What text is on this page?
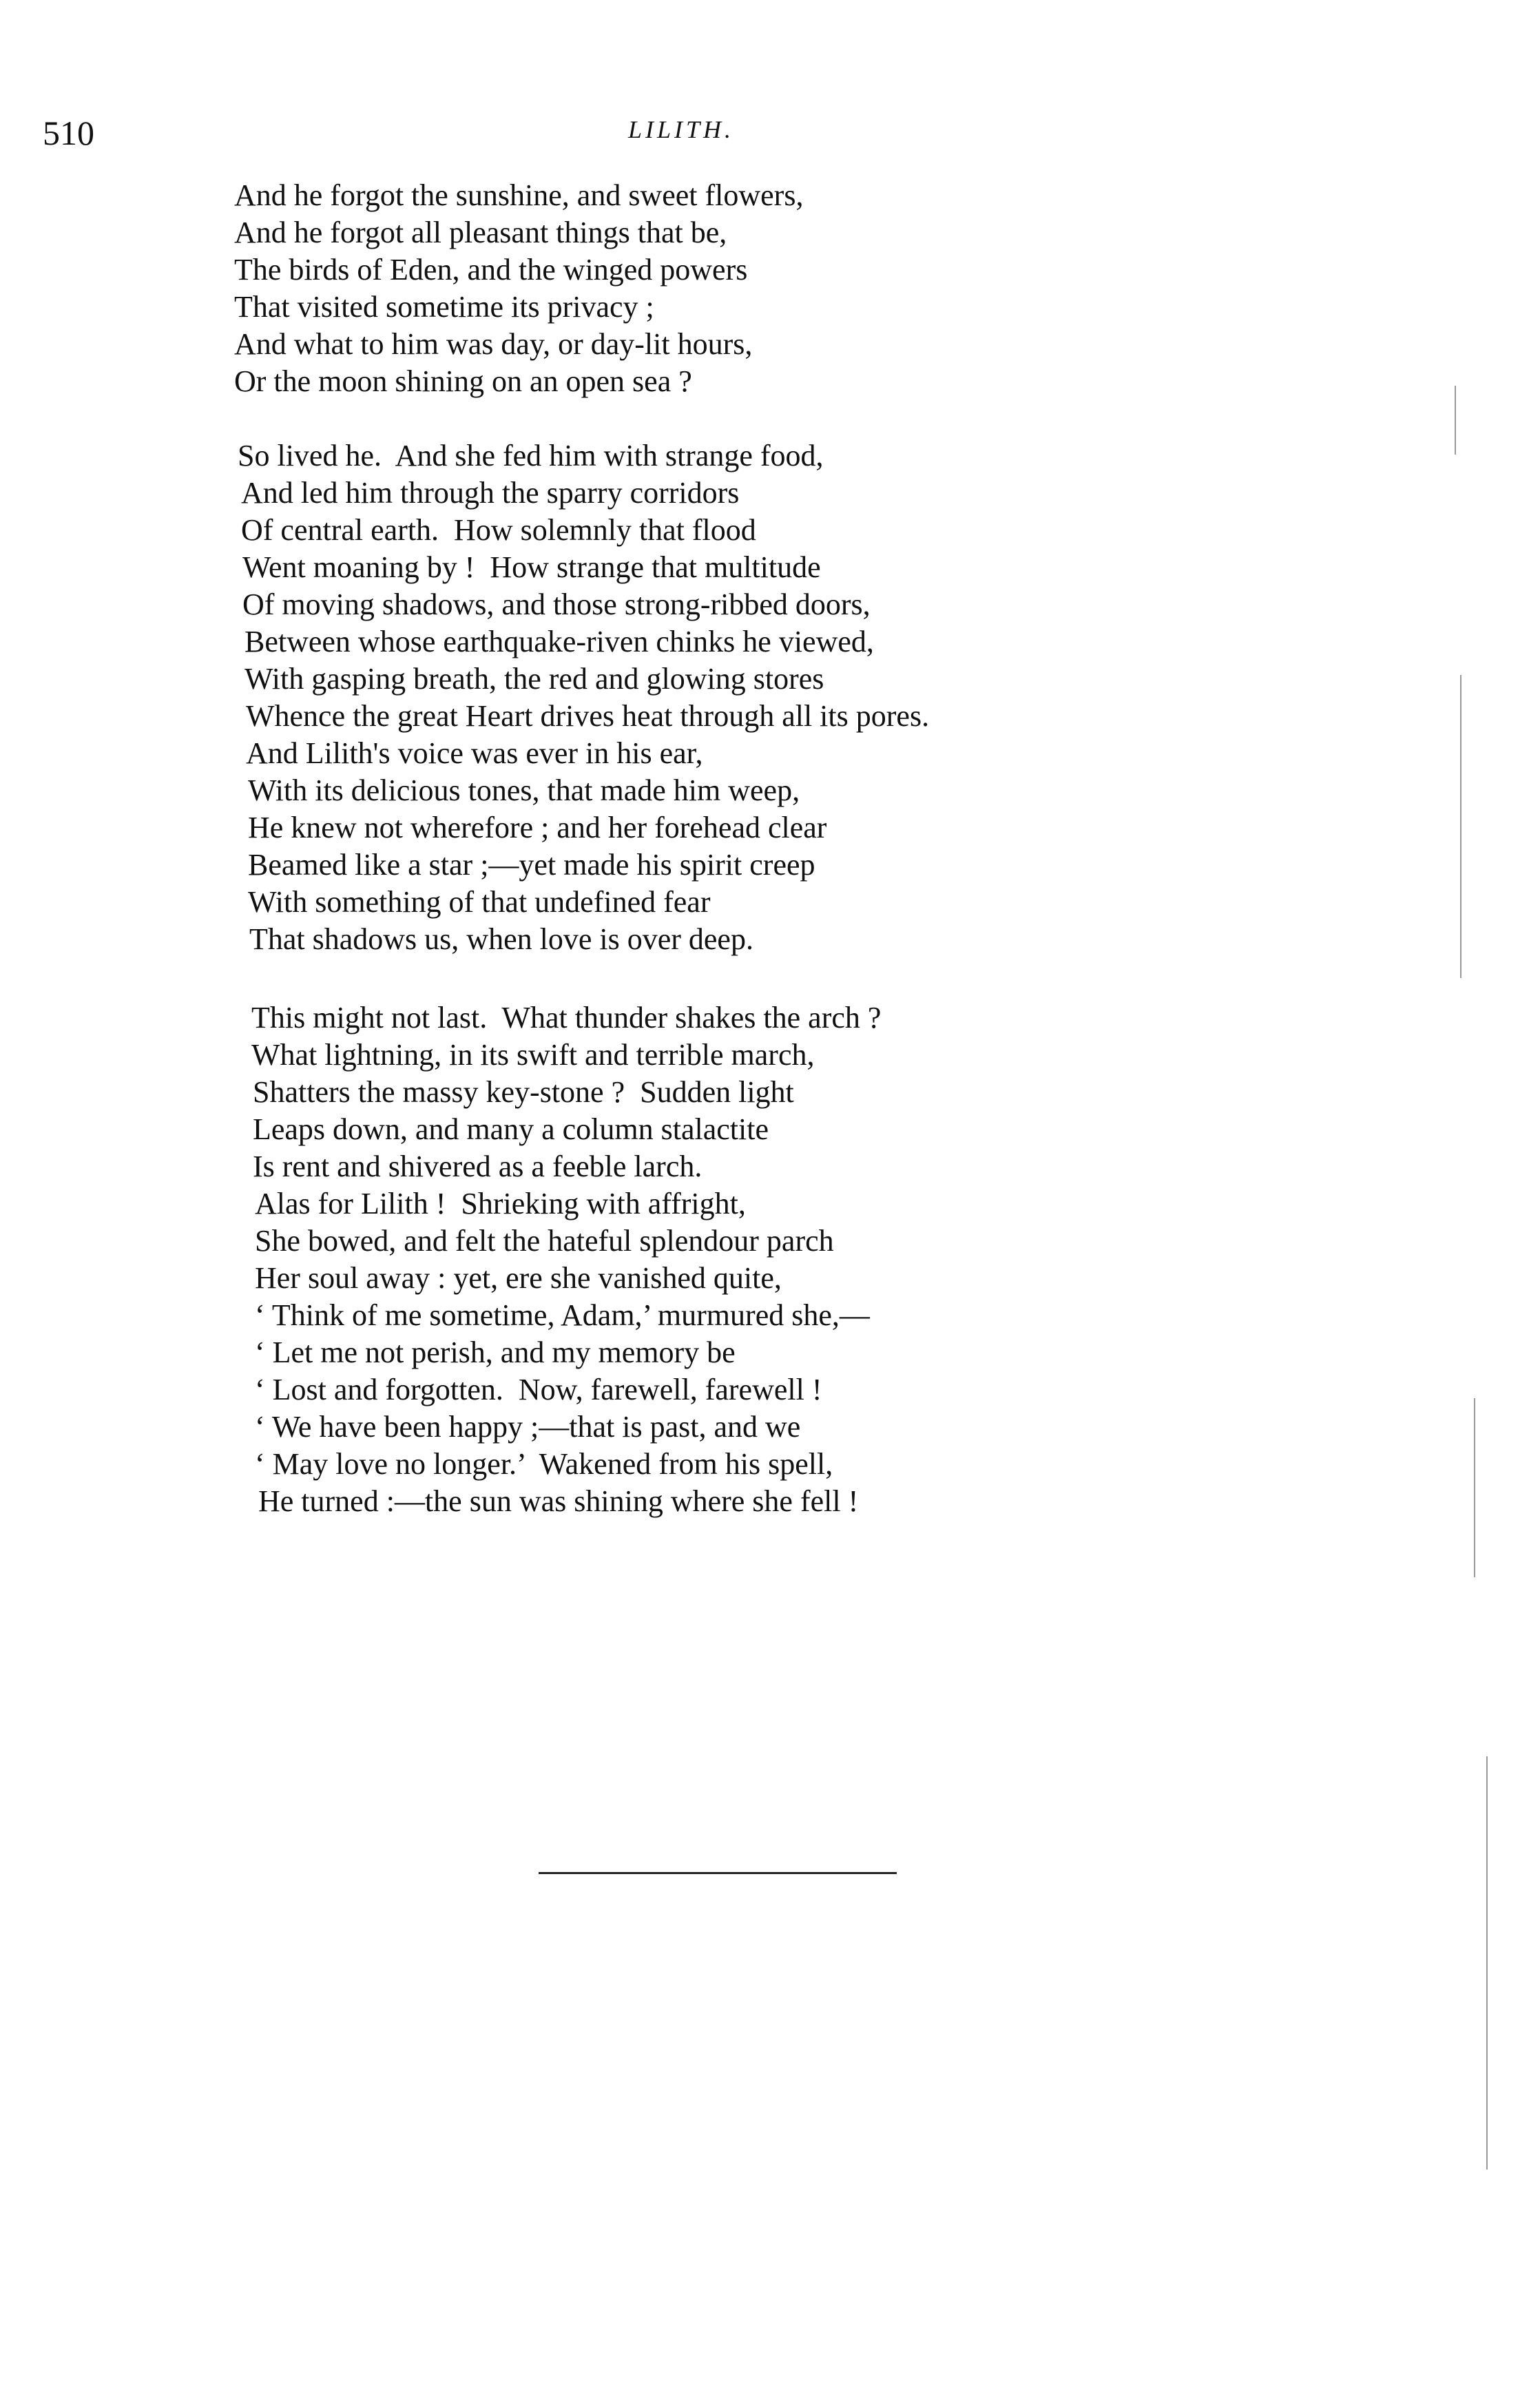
510	LILITH.
And he forgot the sunshine, and sweet flowers,
And he forgot all pleasant things that be,
The birds of Eden, and the winged powers
That visited sometime its privacy ;
And what to him was day, or day-lit hours,
Or the moon shining on an open sea ?
So lived he.  And she fed him with strange food,
And led him through the sparry corridors
Of central earth.  How solemnly that flood
Went moaning by !  How strange that multitude
Of moving shadows, and those strong-ribbed doors,
Between whose earthquake-riven chinks he viewed,
With gasping breath, the red and glowing stores
Whence the great Heart drives heat through all its pores.
And Lilith's voice was ever in his ear,
With its delicious tones, that made him weep,
He knew not wherefore ; and her forehead clear
Beamed like a star ;—yet made his spirit creep
With something of that undefined fear
That shadows us, when love is over deep.
This might not last.  What thunder shakes the arch ?
What lightning, in its swift and terrible march,
Shatters the massy key-stone ?  Sudden light
Leaps down, and many a column stalactite
Is rent and shivered as a feeble larch.
Alas for Lilith !  Shrieking with affright,
She bowed, and felt the hateful splendour parch
Her soul away : yet, ere she vanished quite,
‘ Think of me sometime, Adam,’ murmured she,—
‘ Let me not perish, and my memory be
‘ Lost and forgotten.  Now, farewell, farewell !
‘ We have been happy ;—that is past, and we
‘ May love no longer.’  Wakened from his spell,
He turned :—the sun was shining where she fell !
